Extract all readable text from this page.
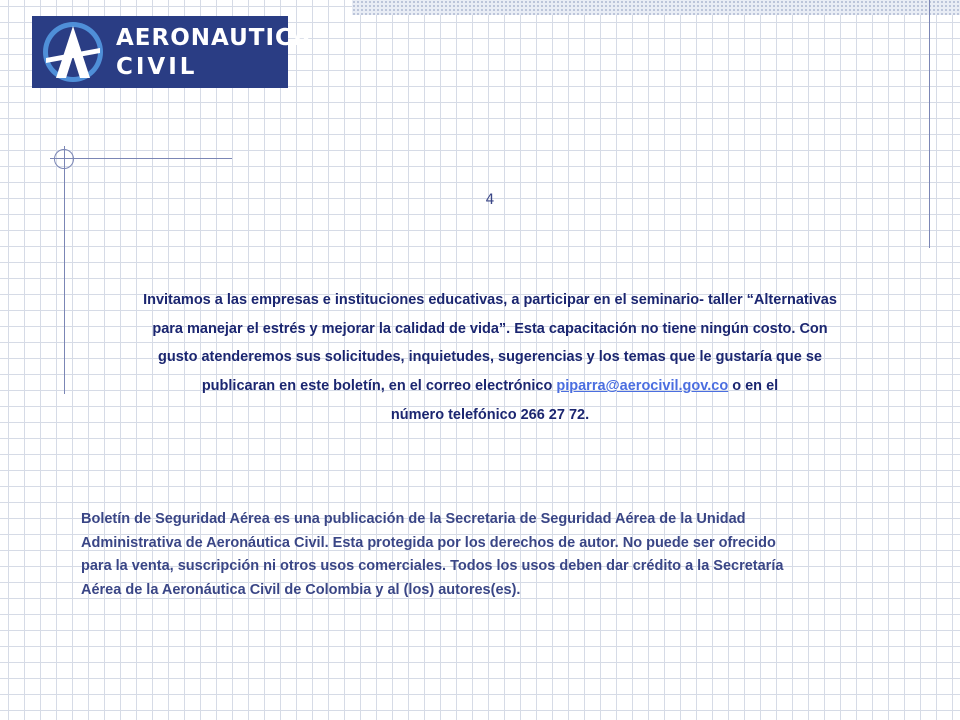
AERONAUTICA
CIVIL
4
Invitamos a las empresas e instituciones educativas, a participar en el seminario- taller “Alternativas
para manejar el estrés y mejorar la calidad de vida”. Esta capacitación no tiene ningún costo. Con
gusto atenderemos sus solicitudes, inquietudes, sugerencias y los temas que le gustaría que se
publicaran en este boletín, en el correo electrónico piparra@aerocivil.gov.co o en el
número telefónico 266 27 72.
Boletín de Seguridad Aérea es una publicación de la Secretaria de Seguridad Aérea de la Unidad
Administrativa de Aeronáutica Civil. Esta protegida por los derechos de autor. No puede ser ofrecido
para la venta, suscripción ni otros usos comerciales. Todos los usos deben dar crédito a la Secretaría
Aérea de la Aeronáutica Civil de Colombia y al (los) autores(es).
